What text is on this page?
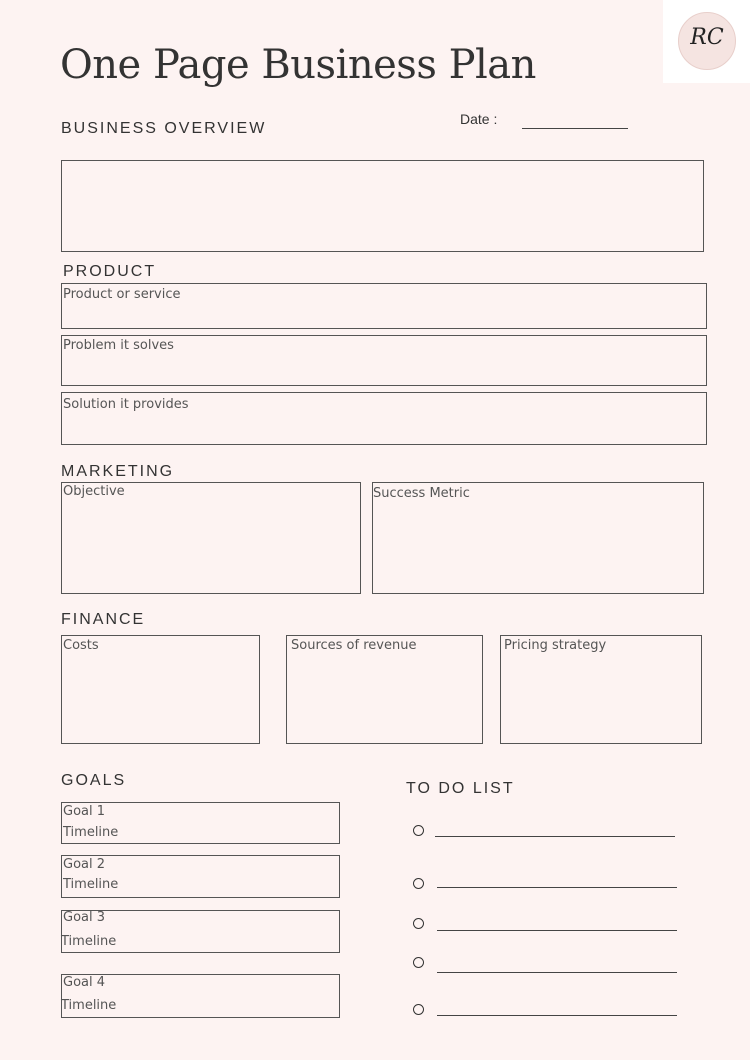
RC
One Page Business Plan
BUSINESS OVERVIEW
Date :
PRODUCT
Product or service
Problem it solves
Solution it provides
MARKETING
Objective	Success Metric
FINANCE
Costs	Sources of revenue	Pricing strategy
GOALS
Goal 1
Timeline
Goal 2
Timeline
Goal 3
Timeline
Goal 4
Timeline
TO DO LIST
